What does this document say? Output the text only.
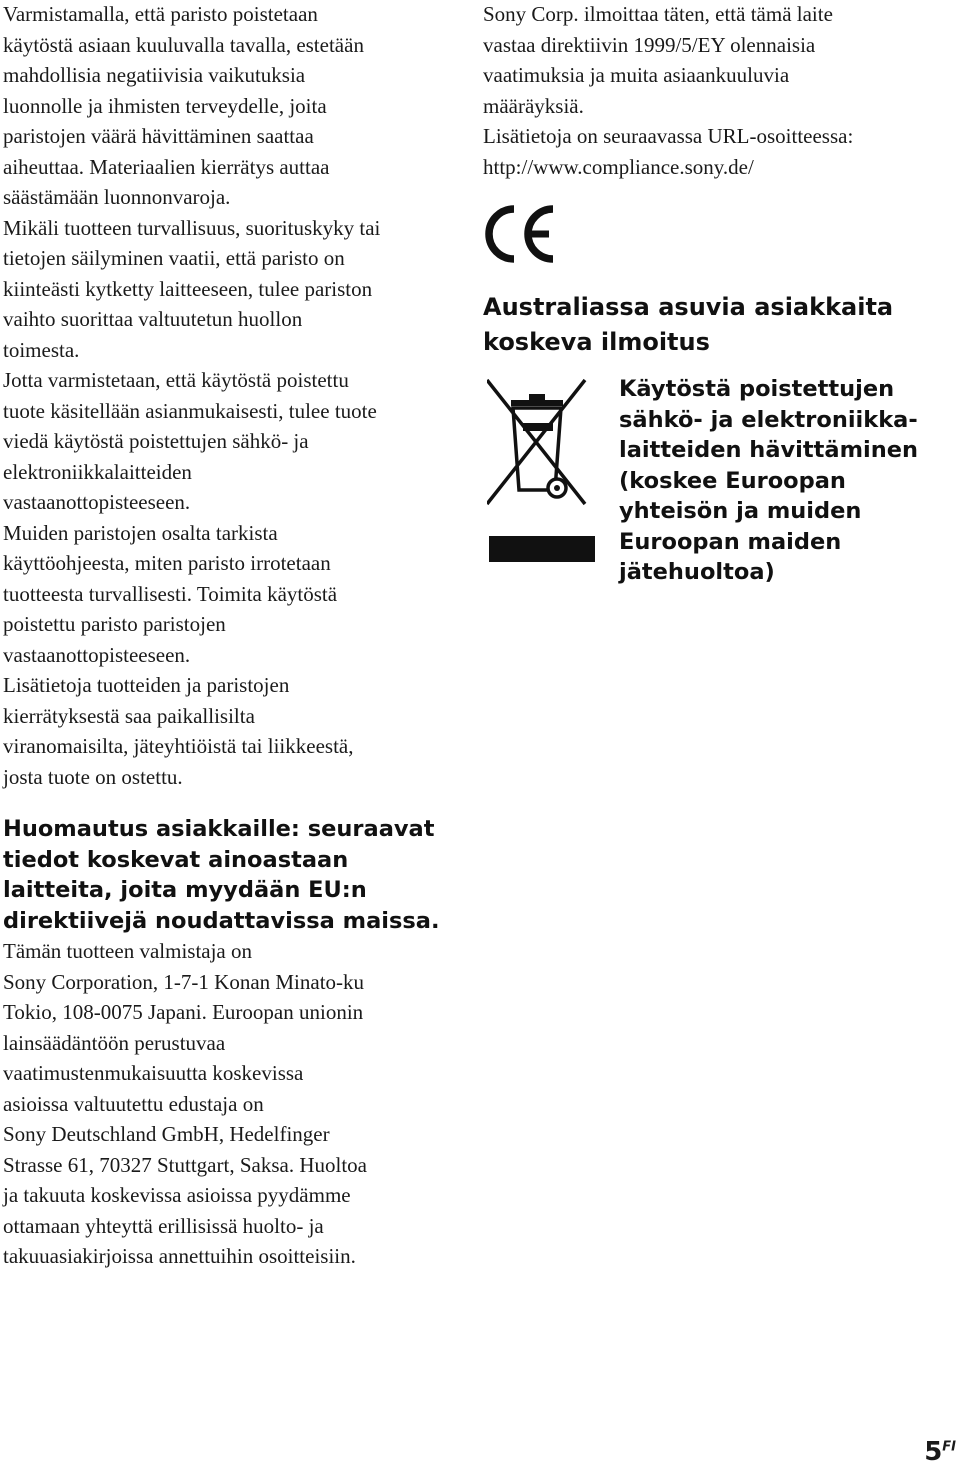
Varmistamalla, että paristo poistetaan
käytöstä asiaan kuuluvalla tavalla, estetään
mahdollisia negatiivisia vaikutuksia
luonnolle ja ihmisten terveydelle, joita
paristojen väärä hävittäminen saattaa
aiheuttaa. Materiaalien kierrätys auttaa
säästämään luonnonvaroja.

Mikäli tuotteen turvallisuus, suorituskyky tai
tietojen säilyminen vaatii, että paristo on
kiinteästi kytketty laitteeseen, tulee pariston
vaihto suorittaa valtuutetun huollon
toimesta.

Jotta varmistetaan, että käytöstä poistettu
tuote käsitellään asianmukaisesti, tulee tuote
viedä käytöstä poistettujen sähkö- ja
elektroniikkalaitteiden
vastaanottopisteeseen.

Muiden paristojen osalta tarkista
käyttöohjeesta, miten paristo irrotetaan
tuotteesta turvallisesti. Toimita käytöstä
poistettu paristo paristojen
vastaanottopisteeseen.

Lisätietoja tuotteiden ja paristojen
kierrätyksestä saa paikallisilta
viranomaisilta, jäteyhtiöistä tai liikkeestä,
josta tuote on ostettu.

Huomautus asiakkaille: seuraavat
tiedot koskevat ainoastaan
laitteita, joita myydään EU:n
direktiivejä noudattavissa maissa.

Tämän tuotteen valmistaja on
Sony Corporation, 1-7-1 Konan Minato-ku
Tokio, 108-0075 Japani. Euroopan unionin
lainsäädäntöön perustuvaa
vaatimustenmukaisuutta koskevissa
asioissa valtuutettu edustaja on
Sony Deutschland GmbH, Hedelfinger
Strasse 61, 70327 Stuttgart, Saksa. Huoltoa
ja takuuta koskevissa asioissa pyydämme
ottamaan yhteyttä erillisissä huolto- ja
takuuasiakirjoissa annettuihin osoitteisiin.

Sony Corp. ilmoittaa täten, että tämä laite
vastaa direktiivin 1999/5/EY olennaisia
vaatimuksia ja muita asiaankuuluvia
määräyksiä.

Lisätietoja on seuraavassa URL-osoitteessa:
http://www.compliance.sony.de/

Australiassa asuvia asiakkaita
koskeva ilmoitus
Käytöstä poistettujen
sähkö- ja elektroniikka-
laitteiden hävittäminen
(koskee Euroopan
yhteisön ja muiden
Euroopan maiden
jätehuoltoa)
$5^{FI}$
